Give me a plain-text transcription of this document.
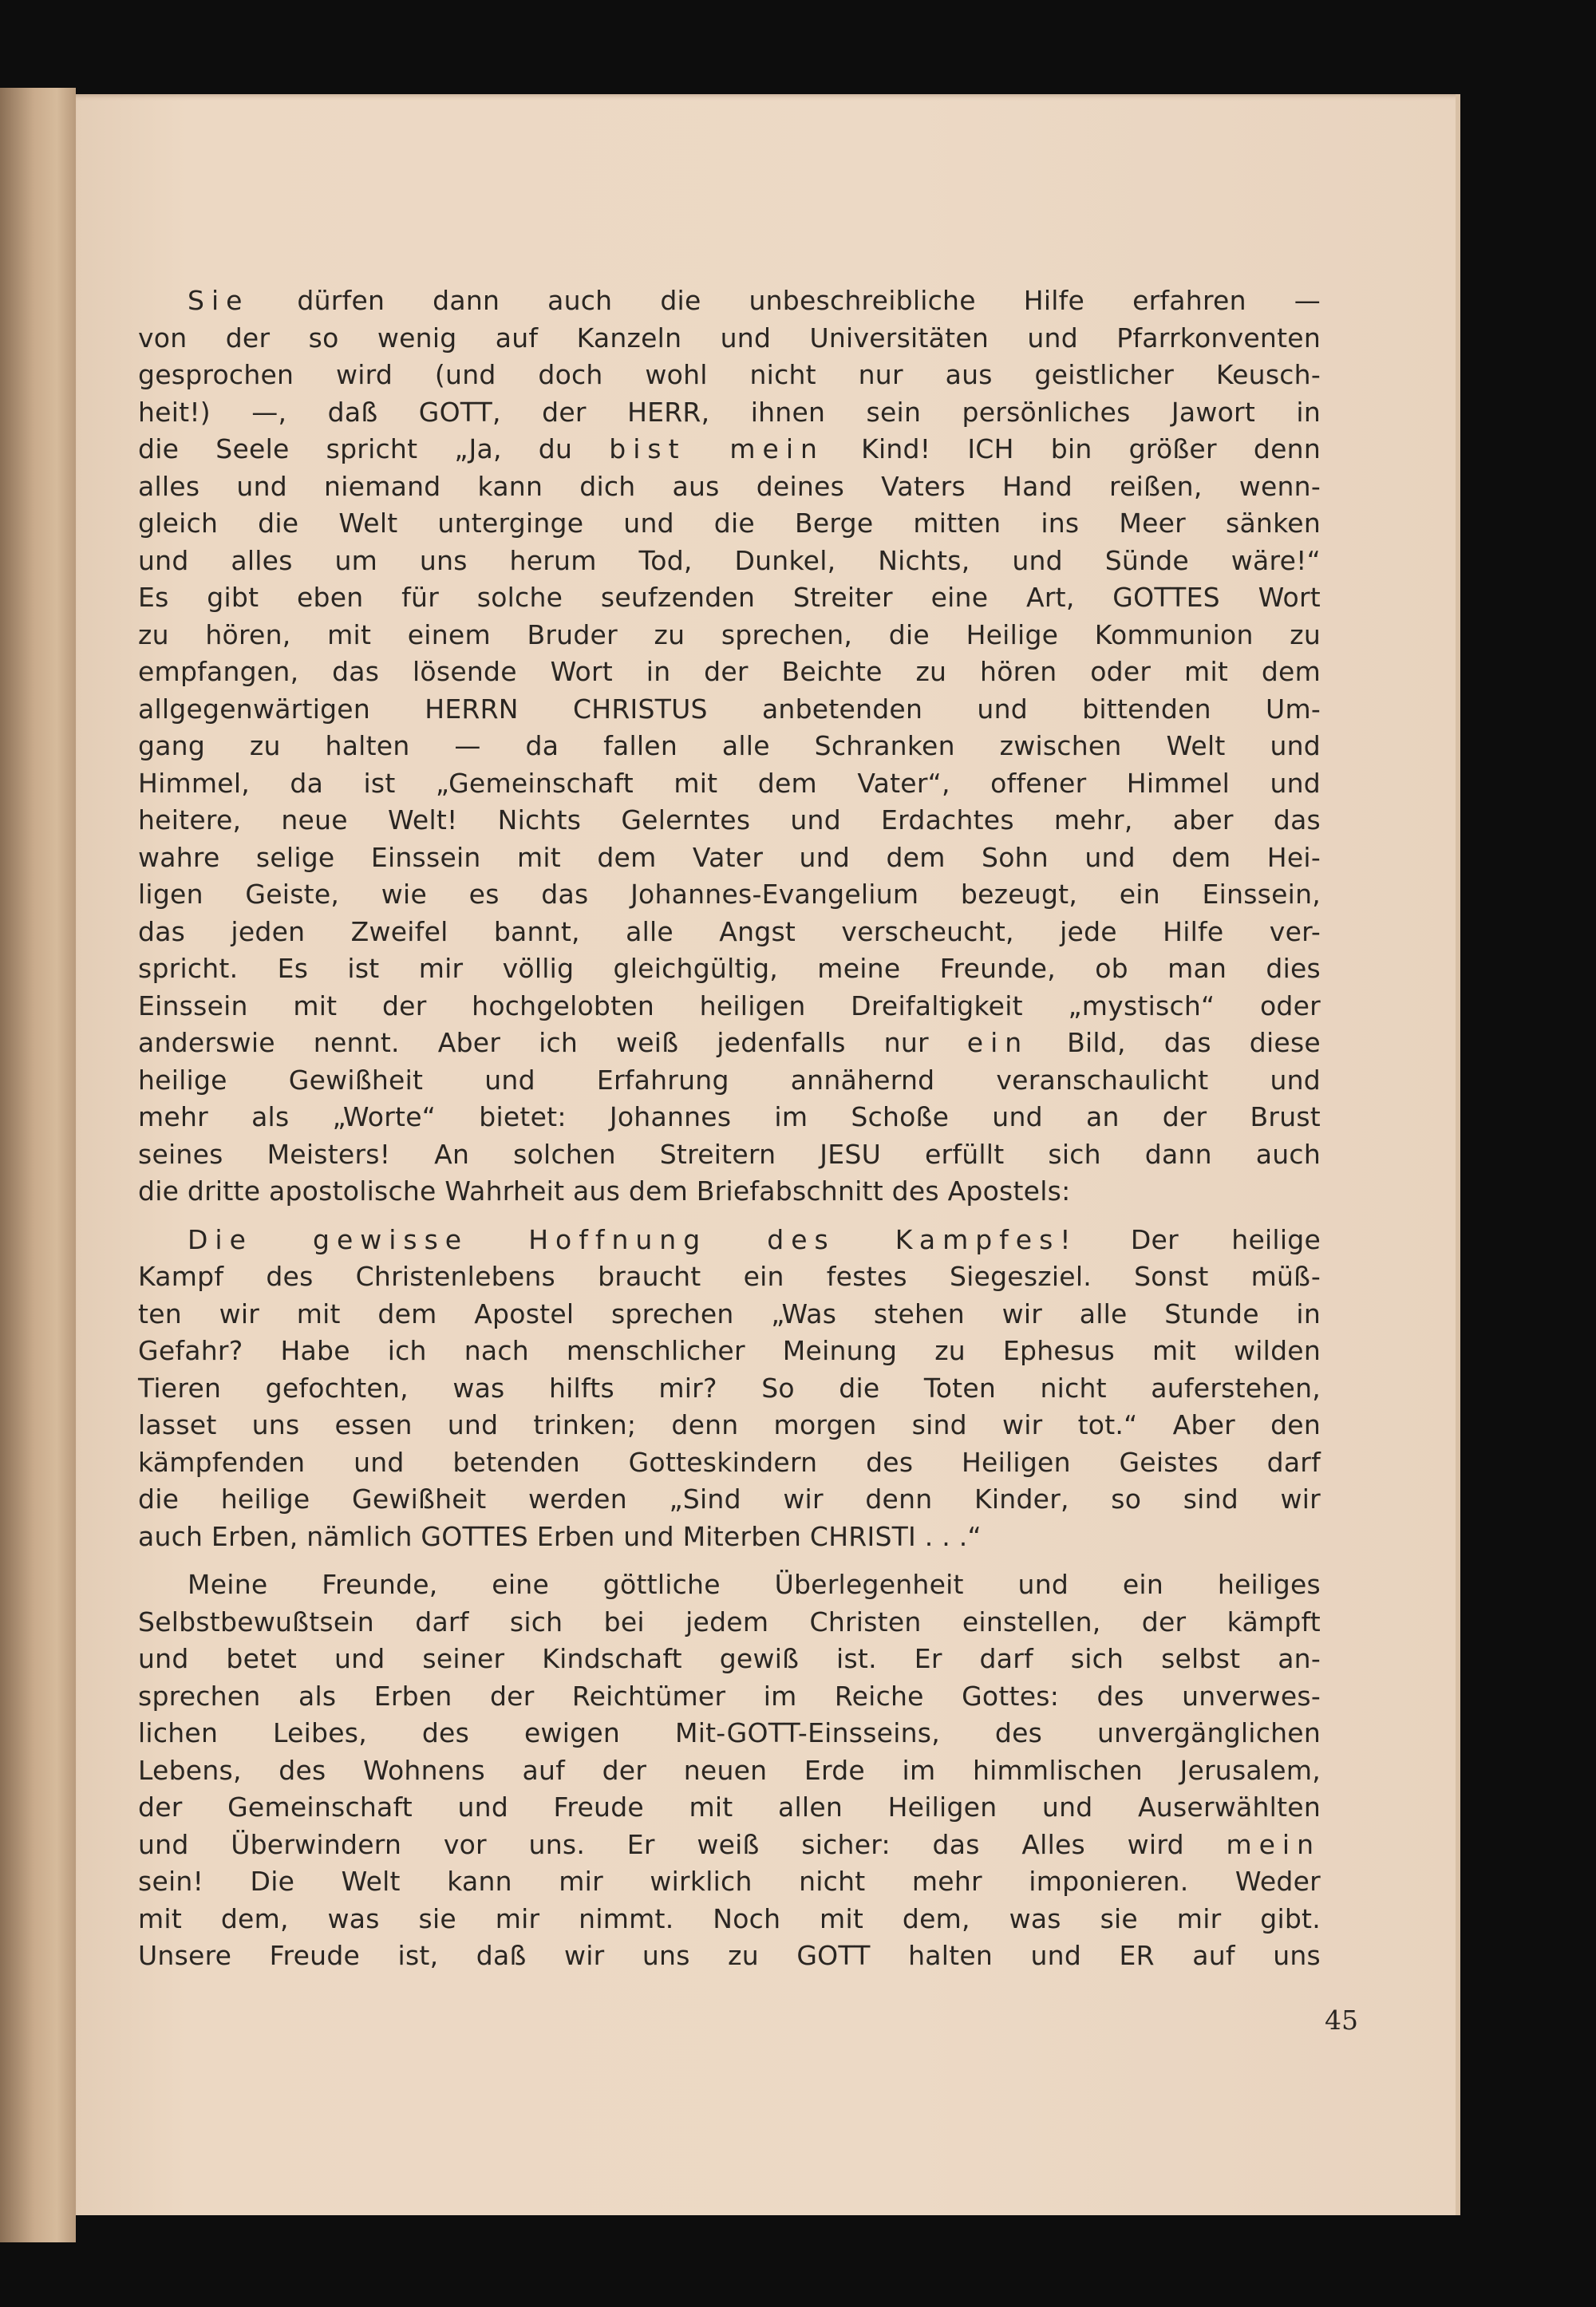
Sie dürfen dann auch die unbeschreibliche Hilfe erfahren —
von der so wenig auf Kanzeln und Universitäten und Pfarrkonventen
gesprochen wird (und doch wohl nicht nur aus geistlicher Keusch-
heit!) —, daß GOTT, der HERR, ihnen sein persönliches Jawort in
die Seele spricht „Ja, du bist mein Kind! ICH bin größer denn
alles und niemand kann dich aus deines Vaters Hand reißen, wenn-
gleich die Welt unterginge und die Berge mitten ins Meer sänken
und alles um uns herum Tod, Dunkel, Nichts, und Sünde wäre!“
Es gibt eben für solche seufzenden Streiter eine Art, GOTTES Wort
zu hören, mit einem Bruder zu sprechen, die Heilige Kommunion zu
empfangen, das lösende Wort in der Beichte zu hören oder mit dem
allgegenwärtigen HERRN CHRISTUS anbetenden und bittenden Um-
gang zu halten — da fallen alle Schranken zwischen Welt und
Himmel, da ist „Gemeinschaft mit dem Vater“, offener Himmel und
heitere, neue Welt! Nichts Gelerntes und Erdachtes mehr, aber das
wahre selige Einssein mit dem Vater und dem Sohn und dem Hei-
ligen Geiste, wie es das Johannes-Evangelium bezeugt, ein Einssein,
das jeden Zweifel bannt, alle Angst verscheucht, jede Hilfe ver-
spricht. Es ist mir völlig gleichgültig, meine Freunde, ob man dies
Einssein mit der hochgelobten heiligen Dreifaltigkeit „mystisch“ oder
anderswie nennt. Aber ich weiß jedenfalls nur ein Bild, das diese
heilige Gewißheit und Erfahrung annähernd veranschaulicht und
mehr als „Worte“ bietet: Johannes im Schoße und an der Brust
seines Meisters! An solchen Streitern JESU erfüllt sich dann auch
die dritte apostolische Wahrheit aus dem Briefabschnitt des Apostels:

Die gewisse Hoffnung des Kampfes! Der heilige
Kampf des Christenlebens braucht ein festes Siegesziel. Sonst müß-
ten wir mit dem Apostel sprechen „Was stehen wir alle Stunde in
Gefahr? Habe ich nach menschlicher Meinung zu Ephesus mit wilden
Tieren gefochten, was hilfts mir? So die Toten nicht auferstehen,
lasset uns essen und trinken; denn morgen sind wir tot.“ Aber den
kämpfenden und betenden Gotteskindern des Heiligen Geistes darf
die heilige Gewißheit werden „Sind wir denn Kinder, so sind wir
auch Erben, nämlich GOTTES Erben und Miterben CHRISTI . . .“

Meine Freunde, eine göttliche Überlegenheit und ein heiliges
Selbstbewußtsein darf sich bei jedem Christen einstellen, der kämpft
und betet und seiner Kindschaft gewiß ist. Er darf sich selbst an-
sprechen als Erben der Reichtümer im Reiche Gottes: des unverwes-
lichen Leibes, des ewigen Mit-GOTT-Einsseins, des unvergänglichen
Lebens, des Wohnens auf der neuen Erde im himmlischen Jerusalem,
der Gemeinschaft und Freude mit allen Heiligen und Auserwählten
und Überwindern vor uns. Er weiß sicher: das Alles wird mein
sein! Die Welt kann mir wirklich nicht mehr imponieren. Weder
mit dem, was sie mir nimmt. Noch mit dem, was sie mir gibt.
Unsere Freude ist, daß wir uns zu GOTT halten und ER auf uns

45
